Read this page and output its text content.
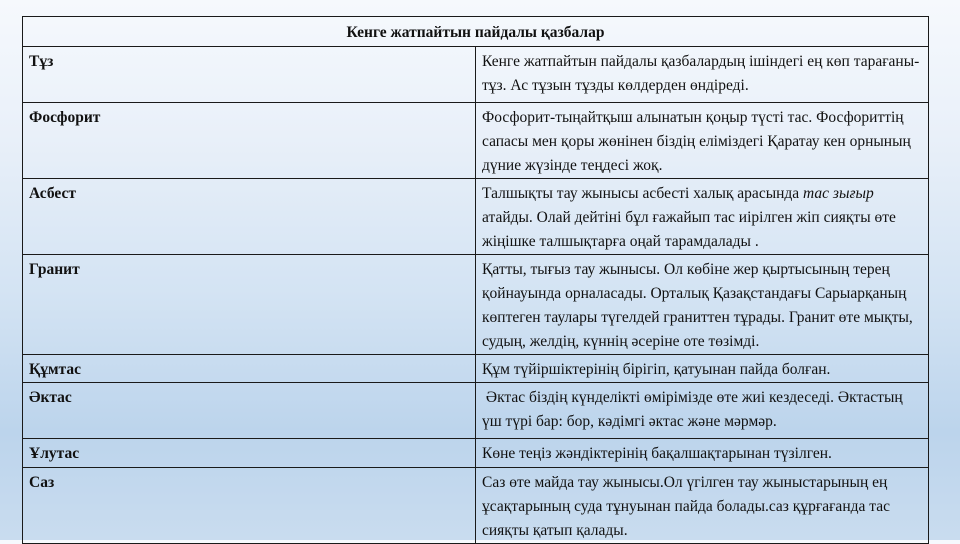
Кенге жатпайтын пайдалы қазбалар	
Тұз	Кенге жатпайтын пайдалы қазбалардың ішіндегі ең көп тарағаны-тұз. Ас тұзын тұзды көлдерден өндіреді.
Фосфорит	Фосфорит-тыңайтқыш алынатын қоңыр түсті тас. Фосфориттің сапасы мен қоры жөнінен біздің еліміздегі Қаратау кен орнының дүние жүзінде теңдесі жоқ.
Асбест	Талшықты тау жынысы асбесті халық арасында тас зығыр атайды. Олай дейтіні бұл ғажайып тас иірілген жіп сияқты өте жіңішке талшықтарға оңай тарамдалады .
Гранит	Қатты, тығыз тау жынысы. Ол көбіне жер қыртысының терең қойнауында орналасады. Орталық Қазақстандағы Сарыарқаның көптеген таулары түгелдей граниттен тұрады. Гранит өте мықты, судың, желдің, күннің әсеріне оте төзімді.
Құмтас	Құм түйіршіктерінің бірігіп, қатуынан пайда болған.
Әктас	Әктас біздің күнделікті өмірімізде өте жиі кездеседі. Әктастың үш түрі бар: бор, кәдімгі әктас және мәрмәр.
Ұлутас	Көне теңіз жәндіктерінің бақалшақтарынан түзілген.
Саз	Саз өте майда тау жынысы.Ол үгілген тау жыныстарының ең ұсақтарының суда тұнуынан пайда болады.саз құрғағанда тас сияқты қатып қалады.
